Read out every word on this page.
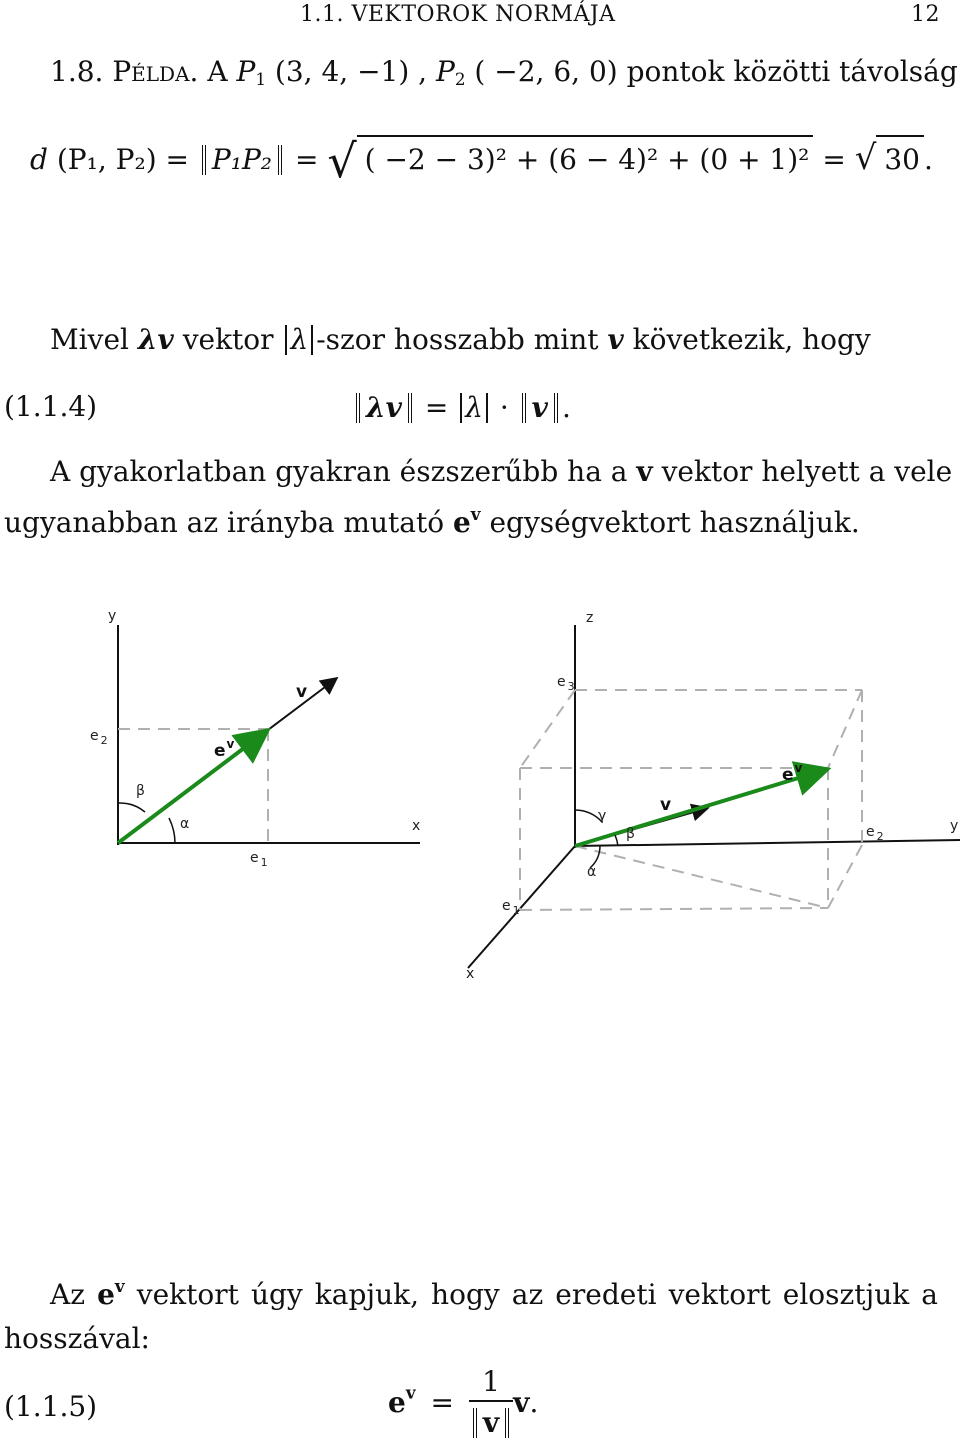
1.1. VEKTOROK NORMÁJA	12
1.8. Példa. A $P_1$ (3, 4, −1) , $P_2$ ( −2, 6, 0) pontok közötti távolság
d (P₁, P₂) = P₁P₂ = √ ( −2 − 3)² + (6 − 4)² + (0 + 1)² = √ 30 .
Mivel λv vektor λ -szor hosszabb mint v következik, hogy
(1.1.4)	λv = λ · v .
A gyakorlatban gyakran észszerűbb ha a v vektor helyett a vele
ugyanabban az irányba mutató $e^v$ egységvektort használjuk.
y
x
e $_2$
e $_1$
v
$e^v$
α
β
z
y
x
e $_3$
e $_2$
e $_1$
v
$e^v$
α
β
γ
Az $e^v$ vektort úgy kapjuk, hogy az eredeti vektort elosztjuk a
hosszával:
(1.1.5)	$e^v = \frac{1}{v} v$.
